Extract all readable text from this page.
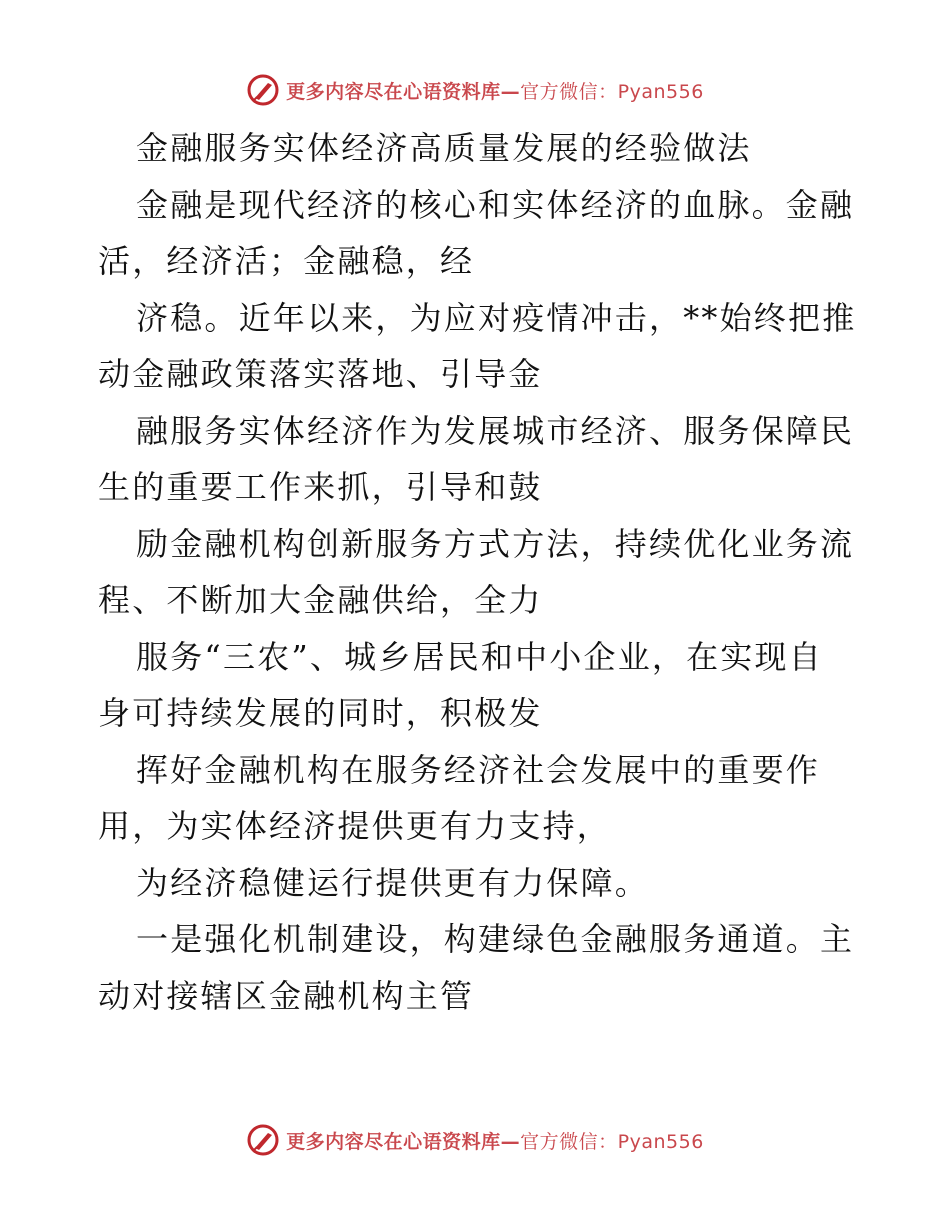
更多内容尽在心语资料库—官方微信：Pyan556
金融服务实体经济高质量发展的经验做法
金融是现代经济的核心和实体经济的血脉。金融
活，经济活；金融稳，经
济稳。近年以来，为应对疫情冲击，**始终把推
动金融政策落实落地、引导金
融服务实体经济作为发展城市经济、服务保障民
生的重要工作来抓，引导和鼓
励金融机构创新服务方式方法，持续优化业务流
程、不断加大金融供给，全力
服务“三农”、城乡居民和中小企业，在实现自
身可持续发展的同时，积极发
挥好金融机构在服务经济社会发展中的重要作
用，为实体经济提供更有力支持，
为经济稳健运行提供更有力保障。
一是强化机制建设，构建绿色金融服务通道。主
动对接辖区金融机构主管
更多内容尽在心语资料库—官方微信：Pyan556
